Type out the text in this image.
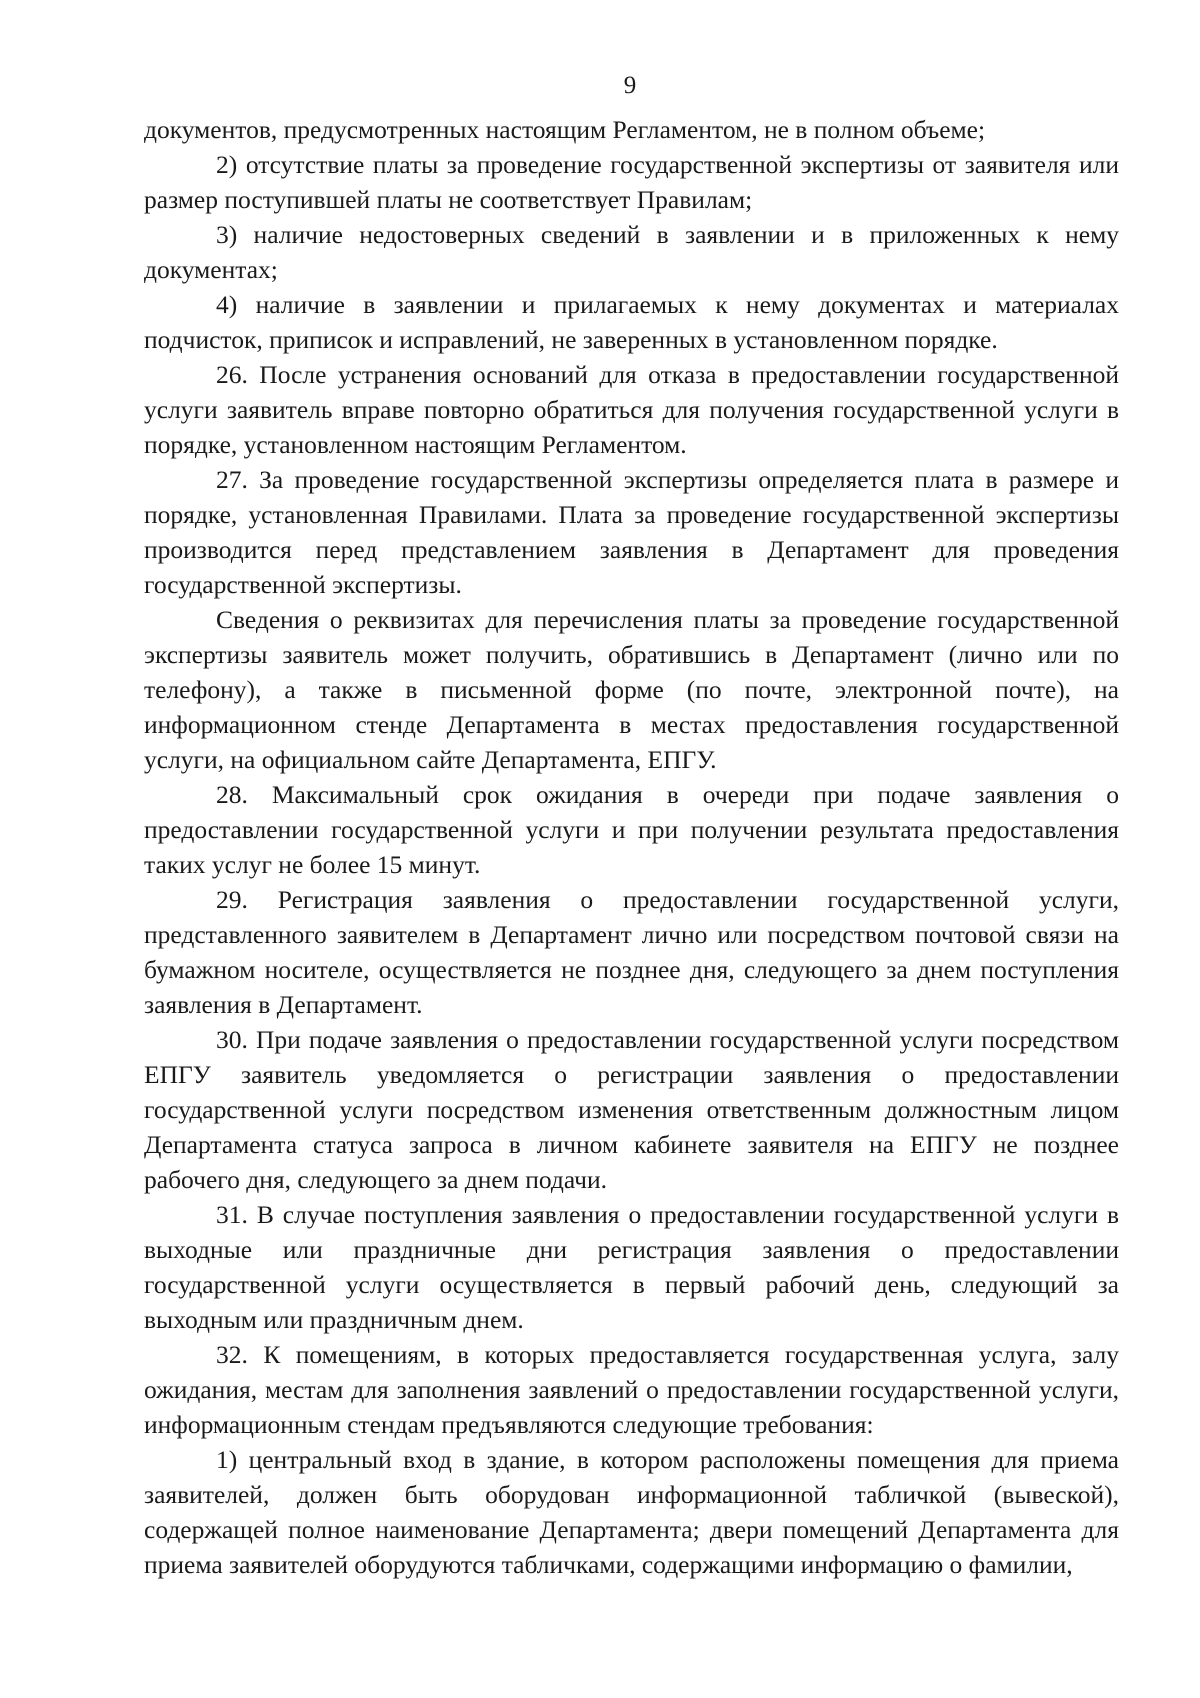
9

документов, предусмотренных настоящим Регламентом, не в полном объеме;

2) отсутствие платы за проведение государственной экспертизы от заявителя или размер поступившей платы не соответствует Правилам;

3) наличие недостоверных сведений в заявлении и в приложенных к нему документах;

4) наличие в заявлении и прилагаемых к нему документах и материалах подчисток, приписок и исправлений, не заверенных в установленном порядке.

26. После устранения оснований для отказа в предоставлении государственной услуги заявитель вправе повторно обратиться для получения государственной услуги в порядке, установленном настоящим Регламентом.

27. За проведение государственной экспертизы определяется плата в размере и порядке, установленная Правилами. Плата за проведение государственной экспертизы производится перед представлением заявления в Департамент для проведения государственной экспертизы.

Сведения о реквизитах для перечисления платы за проведение государственной экспертизы заявитель может получить, обратившись в Департамент (лично или по телефону), а также в письменной форме (по почте, электронной почте), на информационном стенде Департамента в местах предоставления государственной услуги, на официальном сайте Департамента, ЕПГУ.

28. Максимальный срок ожидания в очереди при подаче заявления о предоставлении государственной услуги и при получении результата предоставления таких услуг не более 15 минут.

29. Регистрация заявления о предоставлении государственной услуги, представленного заявителем в Департамент лично или посредством почтовой связи на бумажном носителе, осуществляется не позднее дня, следующего за днем поступления заявления в Департамент.

30. При подаче заявления о предоставлении государственной услуги посредством ЕПГУ заявитель уведомляется о регистрации заявления о предоставлении государственной услуги посредством изменения ответственным должностным лицом Департамента статуса запроса в личном кабинете заявителя на ЕПГУ не позднее рабочего дня, следующего за днем подачи.

31. В случае поступления заявления о предоставлении государственной услуги в выходные или праздничные дни регистрация заявления о предоставлении государственной услуги осуществляется в первый рабочий день, следующий за выходным или праздничным днем.

32. К помещениям, в которых предоставляется государственная услуга, залу ожидания, местам для заполнения заявлений о предоставлении государственной услуги, информационным стендам предъявляются следующие требования:

1) центральный вход в здание, в котором расположены помещения для приема заявителей, должен быть оборудован информационной табличкой (вывеской), содержащей полное наименование Департамента; двери помещений Департамента для приема заявителей оборудуются табличками, содержащими информацию о фамилии,
